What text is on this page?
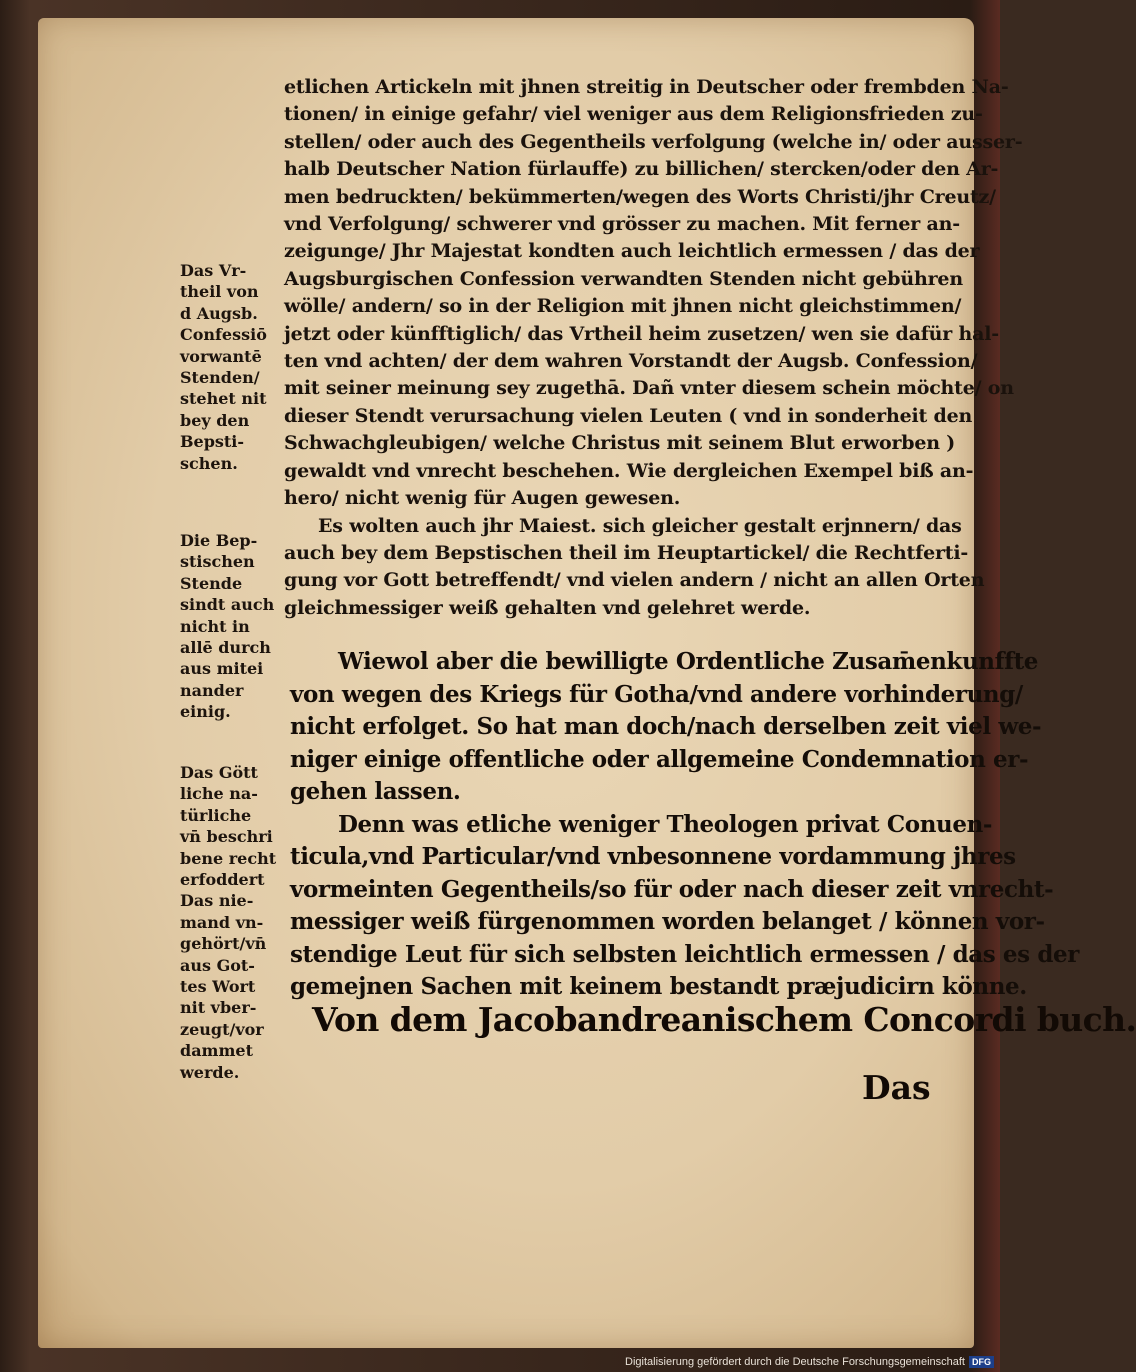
etlichen Artickeln mit jhnen streitig in Deutscher oder frembden Na-
tionen/ in einige gefahr/ viel weniger aus dem Religionsfrieden zu-
stellen/ oder auch des Gegentheils verfolgung (welche in/ oder ausser-
halb Deutscher Nation fürlauffe) zu billichen/ stercken/oder den Ar-
men bedruckten/ bekümmerten/wegen des Worts Christi/jhr Creutz/
vnd Verfolgung/ schwerer vnd grösser zu machen. Mit ferner an-
zeigunge/ Jhr Majestat kondten auch leichtlich ermessen / das der
Augsburgischen Confession verwandten Stenden nicht gebühren
wölle/ andern/ so in der Religion mit jhnen nicht gleichstimmen/
jetzt oder künfftiglich/ das Vrtheil heim zusetzen/ wen sie dafür hal-
ten vnd achten/ der dem wahren Vorstandt der Augsb. Confession/
mit seiner meinung sey zugethā. Dañ vnter diesem schein möchte/ on
dieser Stendt verursachung vielen Leuten ( vnd in sonderheit den
Schwachgleubigen/ welche Christus mit seinem Blut erworben )
gewaldt vnd vnrecht beschehen. Wie dergleichen Exempel biß an-
hero/ nicht wenig für Augen gewesen.
Es wolten auch jhr Maiest. sich gleicher gestalt erjnnern/ das
auch bey dem Bepstischen theil im Heuptartickel/ die Rechtferti-
gung vor Gott betreffendt/ vnd vielen andern / nicht an allen Orten
gleichmessiger weiß gehalten vnd gelehret werde.
Wiewol aber die bewilligte Ordentliche Zusam̄enkunffte
von wegen des Kriegs für Gotha/vnd andere vorhinderung/
nicht erfolget. So hat man doch/nach derselben zeit viel we-
niger einige offentliche oder allgemeine Condemnation er-
gehen lassen.
Denn was etliche weniger Theologen privat Conuen-
ticula,vnd Particular/vnd vnbesonnene vordammung jhres
vormeinten Gegentheils/so für oder nach dieser zeit vnrecht-
messiger weiß fürgenommen worden belanget / können vor-
stendige Leut für sich selbsten leichtlich ermessen / das es der
gemejnen Sachen mit keinem bestandt præjudicirn könne.
Von dem Jacobandreanischem Concordi buch.
Das
Das Vr-
theil von
d Augsb.
Confessiō
vorwantē
Stenden/
stehet nit
bey den
Bepsti-
schen.
Die Bep-
stischen
Stende
sindt auch
nicht in
allē durch
aus mitei
nander
einig.
Das Gött
liche na-
türliche
vn̄ beschri
bene recht
erfoddert
Das nie-
mand vn-
gehört/vn̄
aus Got-
tes Wort
nit vber-
zeugt/vor
dammet
werde.
Digitalisierung gefördert durch die Deutsche Forschungsgemeinschaft DFG
